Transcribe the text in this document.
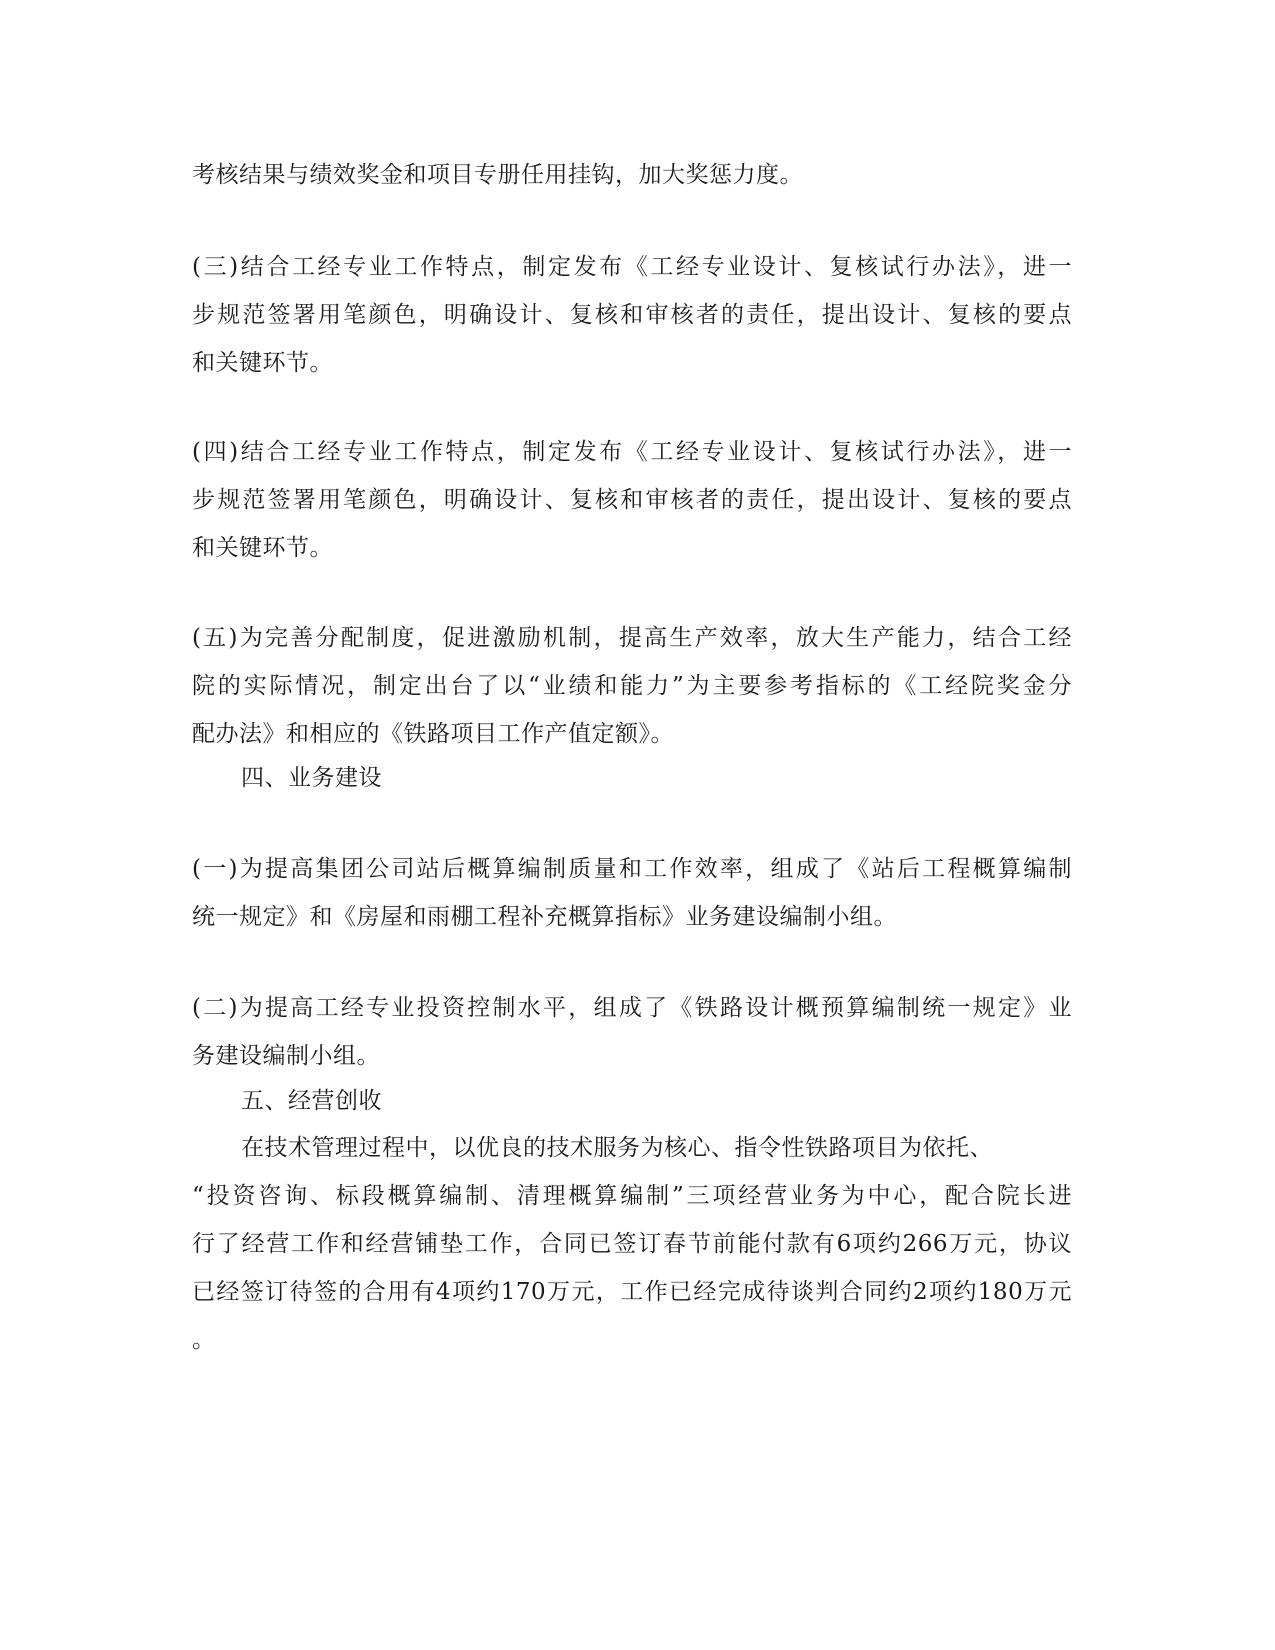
考核结果与绩效奖金和项目专册任用挂钩，加大奖惩力度。
(三)结合工经专业工作特点，制定发布《工经专业设计、复核试行办法》，进一
步规范签署用笔颜色，明确设计、复核和审核者的责任，提出设计、复核的要点
和关键环节。
(四)结合工经专业工作特点，制定发布《工经专业设计、复核试行办法》，进一
步规范签署用笔颜色，明确设计、复核和审核者的责任，提出设计、复核的要点
和关键环节。
(五)为完善分配制度，促进激励机制，提高生产效率，放大生产能力，结合工经
院的实际情况，制定出台了以“业绩和能力”为主要参考指标的《工经院奖金分
配办法》和相应的《铁路项目工作产值定额》。
四、业务建设
(一)为提高集团公司站后概算编制质量和工作效率，组成了《站后工程概算编制
统一规定》和《房屋和雨棚工程补充概算指标》业务建设编制小组。
(二)为提高工经专业投资控制水平，组成了《铁路设计概预算编制统一规定》业
务建设编制小组。
五、经营创收
在技术管理过程中，以优良的技术服务为核心、指令性铁路项目为依托、
“投资咨询、标段概算编制、清理概算编制”三项经营业务为中心，配合院长进
行了经营工作和经营铺垫工作，合同已签订春节前能付款有6项约266万元，协议
已经签订待签的合用有4项约170万元，工作已经完成待谈判合同约2项约180万元
。
